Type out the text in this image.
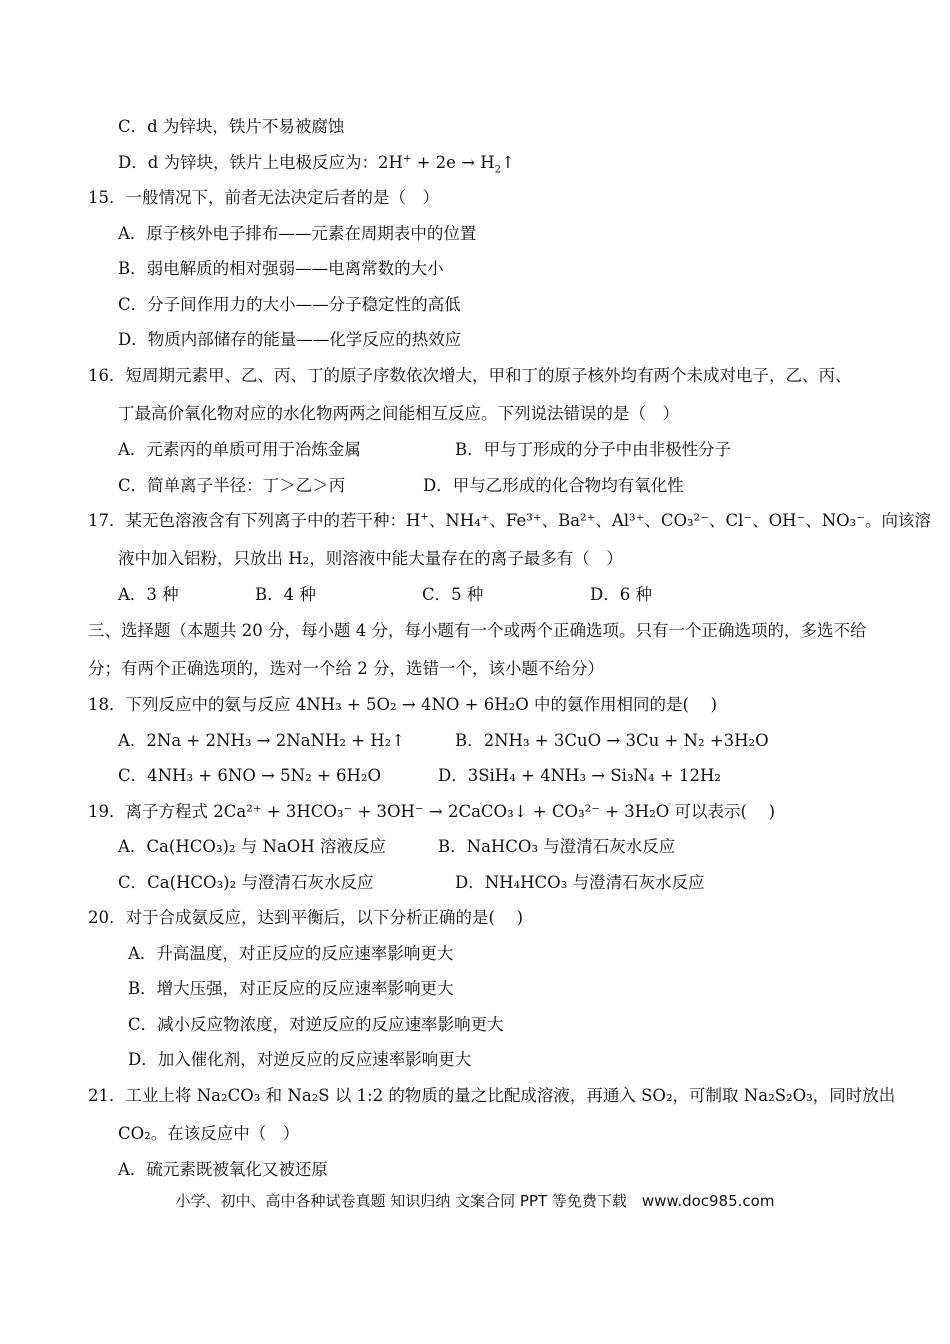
C．d 为锌块，铁片不易被腐蚀
D．d 为锌块，铁片上电极反应为：$2H^+ + 2e \to H_2↑$
15．一般情况下，前者无法决定后者的是（　）
A．原子核外电子排布——元素在周期表中的位置
B．弱电解质的相对强弱——电离常数的大小
C．分子间作用力的大小——分子稳定性的高低
D．物质内部储存的能量——化学反应的热效应
16．短周期元素甲、乙、丙、丁的原子序数依次增大，甲和丁的原子核外均有两个未成对电子，乙、丙、
丁最高价氧化物对应的水化物两两之间能相互反应。下列说法错误的是（　）
A．元素丙的单质可用于冶炼金属	B．甲与丁形成的分子中由非极性分子
C．简单离子半径：丁＞乙＞丙	D．甲与乙形成的化合物均有氧化性
17．某无色溶液含有下列离子中的若干种：H+、NH₄⁺、Fe³⁺、Ba²⁺、Al³⁺、CO₃²⁻、Cl⁻、OH⁻、NO₃⁻。向该溶
液中加入铝粉，只放出 H₂，则溶液中能大量存在的离子最多有（　）
A．3 种	B．4 种	C．5 种	D．6 种
三、选择题（本题共 20 分，每小题 4 分，每小题有一个或两个正确选项。只有一个正确选项的，多选不给
分；有两个正确选项的，选对一个给 2 分，选错一个，该小题不给分）
18．下列反应中的氨与反应 4NH₃ + 5O₂ → 4NO + 6H₂O 中的氨作用相同的是(　 )
A．2Na + 2NH₃ → 2NaNH₂ + H₂↑	B．2NH₃ + 3CuO → 3Cu + N₂ +3H₂O
C．4NH₃ + 6NO → 5N₂ + 6H₂O	D．3SiH₄ + 4NH₃ → Si₃N₄ + 12H₂
19．离子方程式 2Ca²⁺ + 3HCO₃⁻ + 3OH⁻ → 2CaCO₃↓ + CO₃²⁻ + 3H₂O 可以表示(　 )
A．Ca(HCO₃)₂ 与 NaOH 溶液反应	B．NaHCO₃ 与澄清石灰水反应
C．Ca(HCO₃)₂ 与澄清石灰水反应	D．NH₄HCO₃ 与澄清石灰水反应
20．对于合成氨反应，达到平衡后，以下分析正确的是(　 )
A．升高温度，对正反应的反应速率影响更大
B．增大压强，对正反应的反应速率影响更大
C．减小反应物浓度，对逆反应的反应速率影响更大
D．加入催化剂，对逆反应的反应速率影响更大
21．工业上将 Na₂CO₃ 和 Na₂S 以 1:2 的物质的量之比配成溶液，再通入 SO₂，可制取 Na₂S₂O₃，同时放出
CO₂。在该反应中（　）
A．硫元素既被氧化又被还原
小学、初中、高中各种试卷真题 知识归纳 文案合同 PPT 等免费下载　www.doc985.com
